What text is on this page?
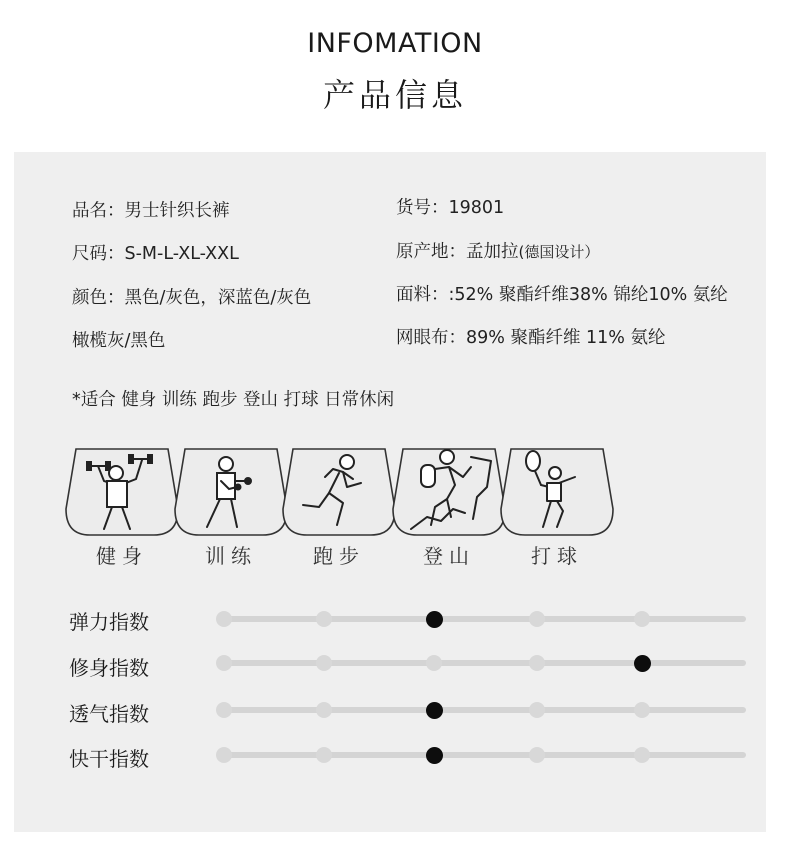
INFOMATION
产品信息
品名：男士针织长裤	货号：19801
尺码：S-M-L-XL-XXL	原产地：孟加拉(德国设计）
颜色：黑色/灰色，深蓝色/灰色	面料：:52% 聚酯纤维38% 锦纶10% 氨纶
橄榄灰/黑色	网眼布：89% 聚酯纤维 11% 氨纶
*适合 健身 训练 跑步 登山 打球 日常休闲
健身	训练	跑步	登山	打球
弹力指数
修身指数
透气指数
快干指数
